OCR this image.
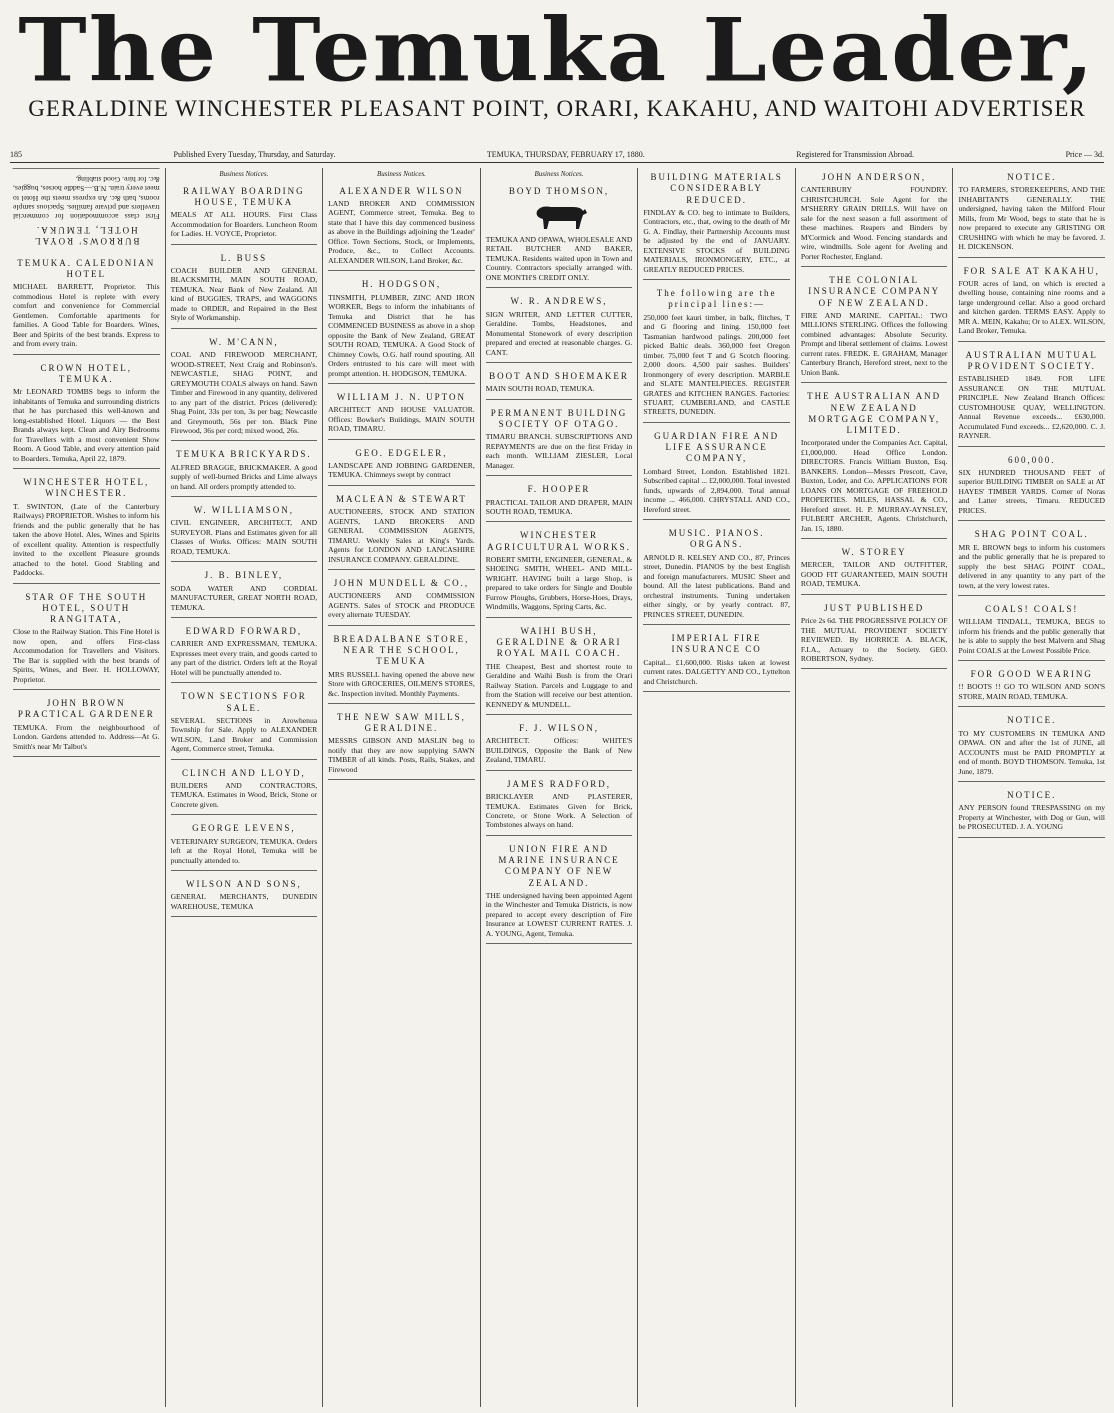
The Temuka Leader,
GERALDINE WINCHESTER PLEASANT POINT, ORARI, KAKAHU, AND WAITOHI ADVERTISER
185	Published Every Tuesday, Thursday, and Saturday.	TEMUKA, THURSDAY, FEBRUARY 17, 1880.	Registered for Transmission Abroad.	Price — 3d.
BURROWS' ROYAL HOTEL, TEMUKA.

First class accommodation for commercial travellers and private families. Spacious sample rooms, bath &c. An express meets the Hotel to meet every train. N.B.—Saddle horses, buggies, &c. for hire. Good stabling.

TEMUKA. CALEDONIAN HOTEL

MICHAEL BARRETT, Proprietor. This commodious Hotel is replete with every comfort and convenience for Commercial Gentlemen. Comfortable apartments for families. A Good Table for Boarders. Wines, Beer and Spirits of the best brands. Express to and from every train.

CROWN HOTEL, TEMUKA.

Mr LEONARD TOMBS begs to inform the inhabitants of Temuka and surrounding districts that he has purchased this well-known and long-established Hotel. Liquors — the Best Brands always kept. Clean and Airy Bedrooms for Travellers with a most convenient Show Room. A Good Table, and every attention paid to Boarders. Temuka, April 22, 1879.

WINCHESTER HOTEL, WINCHESTER.

T. SWINTON, (Late of the Canterbury Railways) PROPRIETOR. Wishes to inform his friends and the public generally that he has taken the above Hotel. Ales, Wines and Spirits of excellent quality. Attention is respectfully invited to the excellent Pleasure grounds attached to the hotel. Good Stabling and Paddocks.

STAR OF THE SOUTH HOTEL, SOUTH RANGITATA,

Close to the Railway Station. This Fine Hotel is now open, and offers First-class Accommodation for Travellers and Visitors. The Bar is supplied with the best brands of Spirits, Wines, and Beer. H. HOLLOWAY, Proprietor.

JOHN BROWN PRACTICAL GARDENER

TEMUKA. From the neighbourhood of London. Gardens attended to. Address—At G. Smith's near Mr Talbot's

Business Notices.
RAILWAY BOARDING HOUSE, TEMUKA

MEALS AT ALL HOURS. First Class Accommodation for Boarders. Luncheon Room for Ladies. H. VOYCE, Proprietor.

L. BUSS

COACH BUILDER AND GENERAL BLACKSMITH, MAIN SOUTH ROAD, TEMUKA. Near Bank of New Zealand. All kind of BUGGIES, TRAPS, and WAGGONS made to ORDER, and Repaired in the Best Style of Workmanship.

W. M'CANN,

COAL AND FIREWOOD MERCHANT, WOOD-STREET, Next Craig and Robinson's. NEWCASTLE, SHAG POINT, and GREYMOUTH COALS always on hand. Sawn Timber and Firewood in any quantity, delivered to any part of the district. Prices (delivered): Shag Point, 33s per ton, 3s per bag; Newcastle and Greymouth, 56s per ton. Black Pine Firewood, 36s per cord; mixed wood, 26s.

TEMUKA BRICKYARDS.

ALFRED BRAGGE, BRICKMAKER. A good supply of well-burned Bricks and Lime always on hand. All orders promptly attended to.

W. WILLIAMSON,

CIVIL ENGINEER, ARCHITECT, AND SURVEYOR. Plans and Estimates given for all Classes of Works. Offices: MAIN SOUTH ROAD, TEMUKA.

J. B. BINLEY,

SODA WATER AND CORDIAL MANUFACTURER, GREAT NORTH ROAD, TEMUKA.

EDWARD FORWARD,

CARRIER AND EXPRESSMAN, TEMUKA. Expresses meet every train, and goods carted to any part of the district. Orders left at the Royal Hotel will be punctually attended to.

TOWN SECTIONS FOR SALE.

SEVERAL SECTIONS in Arowhenua Township for Sale. Apply to ALEXANDER WILSON, Land Broker and Commission Agent, Commerce street, Temuka.

CLINCH AND LLOYD,

BUILDERS AND CONTRACTORS, TEMUKA. Estimates in Wood, Brick, Stone or Concrete given.

GEORGE LEVENS,

VETERINARY SURGEON, TEMUKA. Orders left at the Royal Hotel, Temuka will be punctually attended to.

WILSON AND SONS,

GENERAL MERCHANTS, DUNEDIN WAREHOUSE, TEMUKA

Business Notices.
ALEXANDER WILSON

LAND BROKER AND COMMISSION AGENT, Commerce street, Temuka. Beg to state that I have this day commenced business as above in the Buildings adjoining the 'Leader' Office. Town Sections, Stock, or Implements, Produce, &c., to Collect Accounts. ALEXANDER WILSON, Land Broker, &c.

H. HODGSON,

TINSMITH, PLUMBER, ZINC AND IRON WORKER, Begs to inform the inhabitants of Temuka and District that he has COMMENCED BUSINESS as above in a shop opposite the Bank of New Zealand, GREAT SOUTH ROAD, TEMUKA. A Good Stock of Chimney Cowls, O.G. half round spouting. All Orders entrusted to his care will meet with prompt attention. H. HODGSON, TEMUKA.

WILLIAM J. N. UPTON

ARCHITECT AND HOUSE VALUATOR. Offices: Bowker's Buildings, MAIN SOUTH ROAD, TIMARU.

GEO. EDGELER,

LANDSCAPE AND JOBBING GARDENER, TEMUKA. Chimneys swept by contract

MACLEAN & STEWART

AUCTIONEERS, STOCK AND STATION AGENTS, LAND BROKERS AND GENERAL COMMISSION AGENTS, TIMARU. Weekly Sales at King's Yards. Agents for LONDON AND LANCASHIRE INSURANCE COMPANY. GERALDINE.

JOHN MUNDELL & CO.,

AUCTIONEERS AND COMMISSION AGENTS. Sales of STOCK and PRODUCE every alternate TUESDAY.

BREADALBANE STORE, NEAR THE SCHOOL, TEMUKA

MRS RUSSELL having opened the above new Store with GROCERIES, OILMEN'S STORES, &c. Inspection invited. Monthly Payments.

THE NEW SAW MILLS, GERALDINE.

MESSRS GIBSON AND MASLIN beg to notify that they are now supplying SAWN TIMBER of all kinds. Posts, Rails, Stakes, and Firewood

Business Notices.
BOYD THOMSON,

TEMUKA AND OPAWA, WHOLESALE AND RETAIL BUTCHER AND BAKER, TEMUKA. Residents waited upon in Town and Country. Contractors specially arranged with. ONE MONTH'S CREDIT ONLY.

W. R. ANDREWS,

SIGN WRITER, AND LETTER CUTTER, Geraldine. Tombs, Headstones, and Monumental Stonework of every description prepared and erected at reasonable charges. G. CANT.

BOOT AND SHOEMAKER

MAIN SOUTH ROAD, TEMUKA.

PERMANENT BUILDING SOCIETY OF OTAGO.

TIMARU BRANCH. SUBSCRIPTIONS AND REPAYMENTS are due on the first Friday in each month. WILLIAM ZIESLER, Local Manager.

F. HOOPER

PRACTICAL TAILOR AND DRAPER, MAIN SOUTH ROAD, TEMUKA.

WINCHESTER AGRICULTURAL WORKS.

ROBERT SMITH, ENGINEER, GENERAL, & SHOEING SMITH, WHEEL- AND MILL-WRIGHT. HAVING built a large Shop, is prepared to take orders for Single and Double Furrow Ploughs, Grubbers, Horse-Hoes, Drays, Windmills, Waggons, Spring Carts, &c.

WAIHI BUSH, GERALDINE & ORARI ROYAL MAIL COACH.

THE Cheapest, Best and shortest route to Geraldine and Waihi Bush is from the Orari Railway Station. Parcels and Luggage to and from the Station will receive our best attention. KENNEDY & MUNDELL.

F. J. WILSON,

ARCHITECT. Offices: WHITE'S BUILDINGS, Opposite the Bank of New Zealand, TIMARU.

JAMES RADFORD,

BRICKLAYER AND PLASTERER, TEMUKA. Estimates Given for Brick, Concrete, or Stone Work. A Selection of Tombstones always on hand.

UNION FIRE AND MARINE INSURANCE COMPANY OF NEW ZEALAND.

THE undersigned having been appointed Agent in the Winchester and Temuka Districts, is now prepared to accept every description of Fire Insurance at LOWEST CURRENT RATES. J. A. YOUNG, Agent, Temuka.

BUILDING MATERIALS CONSIDERABLY REDUCED.

FINDLAY & CO. beg to intimate to Builders, Contractors, etc., that, owing to the death of Mr G. A. Findlay, their Partnership Accounts must be adjusted by the end of JANUARY. EXTENSIVE STOCKS of BUILDING MATERIALS, IRONMONGERY, ETC., at GREATLY REDUCED PRICES.

The following are the principal lines:—

250,000 feet kauri timber, in balk, flitches, T and G flooring and lining. 150,000 feet Tasmanian hardwood palings. 200,000 feet picked Baltic deals. 360,000 feet Oregon timber. 75,000 feet T and G Scotch flooring. 2,000 doors. 4,500 pair sashes. Builders' Ironmongery of every description. MARBLE and SLATE MANTELPIECES. REGISTER GRATES and KITCHEN RANGES. Factories: STUART, CUMBERLAND, and CASTLE STREETS, DUNEDIN.

GUARDIAN FIRE AND LIFE ASSURANCE COMPANY,

Lombard Street, London. Established 1821. Subscribed capital ... £2,000,000. Total invested funds, upwards of 2,894,000. Total annual income ... 466,000. CHRYSTALL AND CO., Hereford street.

MUSIC. PIANOS. ORGANS.

ARNOLD R. KELSEY AND CO., 87, Princes street, Dunedin. PIANOS by the best English and foreign manufacturers. MUSIC Sheet and bound. All the latest publications. Band and orchestral instruments. Tuning undertaken either singly, or by yearly contract. 87, PRINCES STREET, DUNEDIN.

IMPERIAL FIRE INSURANCE CO

Capital... £1,600,000. Risks taken at lowest current rates. DALGETTY AND CO., Lyttelton and Christchurch.

JOHN ANDERSON,

CANTERBURY FOUNDRY. CHRISTCHURCH. Sole Agent for the M'SHERRY GRAIN DRILLS. Will have on sale for the next season a full assortment of these machines. Reapers and Binders by M'Cormick and Wood. Fencing standards and wire, windmills. Sole agent for Aveling and Porter Rochester, England.

THE COLONIAL INSURANCE COMPANY OF NEW ZEALAND.

FIRE AND MARINE. CAPITAL: TWO MILLIONS STERLING. Offices the following combined advantages: Absolute Security. Prompt and liberal settlement of claims. Lowest current rates. FREDK. E. GRAHAM, Manager Canterbury Branch, Hereford street, next to the Union Bank.

THE AUSTRALIAN AND NEW ZEALAND MORTGAGE COMPANY, LIMITED.

Incorporated under the Companies Act. Capital, £1,000,000. Head Office London. DIRECTORS. Francis William Buxton, Esq. BANKERS. London—Messrs Prescott, Cave, Buxton, Loder, and Co. APPLICATIONS FOR LOANS ON MORTGAGE OF FREEHOLD PROPERTIES. MILES, HASSAL & CO., Hereford street. H. P. MURRAY-AYNSLEY, FULBERT ARCHER, Agents. Christchurch, Jan. 15, 1880.

W. STOREY

MERCER, TAILOR AND OUTFITTER, GOOD FIT GUARANTEED, MAIN SOUTH ROAD, TEMUKA.

JUST PUBLISHED

Price 2s 6d. THE PROGRESSIVE POLICY OF THE MUTUAL PROVIDENT SOCIETY REVIEWED. By HORRICE A. BLACK, F.I.A., Actuary to the Society. GEO. ROBERTSON, Sydney.

NOTICE.

TO FARMERS, STOREKEEPERS, AND THE INHABITANTS GENERALLY. THE undersigned, having taken the Milford Flour Mills, from Mr Wood, begs to state that he is now prepared to execute any GRISTING OR CRUSHING with which he may be favored. J. H. DICKENSON.

FOR SALE AT KAKAHU,

FOUR acres of land, on which is erected a dwelling house, containing nine rooms and a large underground cellar. Also a good orchard and kitchen garden. TERMS EASY. Apply to MR A. MEIN, Kakahu; Or to ALEX. WILSON, Land Broker, Temuka.

AUSTRALIAN MUTUAL PROVIDENT SOCIETY.

ESTABLISHED 1849. FOR LIFE ASSURANCE ON THE MUTUAL PRINCIPLE. New Zealand Branch Offices: CUSTOMHOUSE QUAY, WELLINGTON. Annual Revenue exceeds... £630,000. Accumulated Fund exceeds... £2,620,000. C. J. RAYNER.

600,000.

SIX HUNDRED THOUSAND FEET of superior BUILDING TIMBER on SALE at AT HAYES' TIMBER YARDS. Corner of Noras and Latter streets, Timaru. REDUCED PRICES.

SHAG POINT COAL.

MR E. BROWN begs to inform his customers and the public generally that he is prepared to supply the best SHAG POINT COAL, delivered in any quantity to any part of the town, at the very lowest rates.

COALS! COALS!

WILLIAM TINDALL, TEMUKA, BEGS to inform his friends and the public generally that he is able to supply the best Malvern and Shag Point COALS at the Lowest Possible Price.

FOR GOOD WEARING

!! BOOTS !! GO TO WILSON AND SON'S STORE, MAIN ROAD, TEMUKA.

NOTICE.

TO MY CUSTOMERS IN TEMUKA AND OPAWA. ON and after the 1st of JUNE, all ACCOUNTS must be PAID PROMPTLY at end of month. BOYD THOMSON. Temuka, 1st June, 1879.

NOTICE.

ANY PERSON found TRESPASSING on my Property at Winchester, with Dog or Gun, will be PROSECUTED. J. A. YOUNG
